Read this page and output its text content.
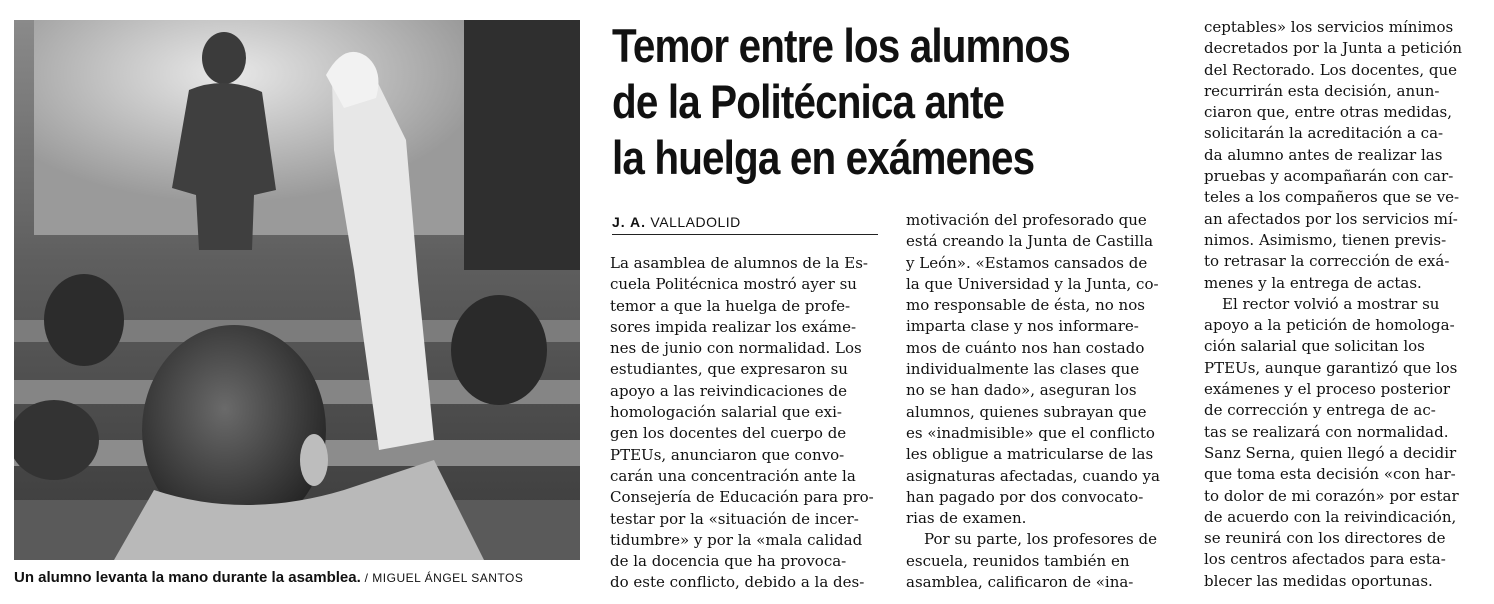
Un alumno levanta la mano durante la asamblea. / MIGUEL ÁNGEL SANTOS
Temor entre los alumnos
de la Politécnica ante
la huelga en exámenes
J. A. VALLADOLID
La asamblea de alumnos de la Es-
cuela Politécnica mostró ayer su
temor a que la huelga de profe-
sores impida realizar los exáme-
nes de junio con normalidad. Los
estudiantes, que expresaron su
apoyo a las reivindicaciones de
homologación salarial que exi-
gen los docentes del cuerpo de
PTEUs, anunciaron que convo-
carán una concentración ante la
Consejería de Educación para pro-
testar por la «situación de incer-
tidumbre» y por la «mala calidad
de la docencia que ha provoca-
do este conflicto, debido a la des-
motivación del profesorado que
está creando la Junta de Castilla
y León». «Estamos cansados de
la que Universidad y la Junta, co-
mo responsable de ésta, no nos
imparta clase y nos informare-
mos de cuánto nos han costado
individualmente las clases que
no se han dado», aseguran los
alumnos, quienes subrayan que
es «inadmisible» que el conflicto
les obligue a matricularse de las
asignaturas afectadas, cuando ya
han pagado por dos convocato-
rias de examen.
Por su parte, los profesores de
escuela, reunidos también en
asamblea, calificaron de «ina-
ceptables» los servicios mínimos
decretados por la Junta a petición
del Rectorado. Los docentes, que
recurrirán esta decisión, anun-
ciaron que, entre otras medidas,
solicitarán la acreditación a ca-
da alumno antes de realizar las
pruebas y acompañarán con car-
teles a los compañeros que se ve-
an afectados por los servicios mí-
nimos. Asimismo, tienen previs-
to retrasar la corrección de exá-
menes y la entrega de actas.
El rector volvió a mostrar su
apoyo a la petición de homologa-
ción salarial que solicitan los
PTEUs, aunque garantizó que los
exámenes y el proceso posterior
de corrección y entrega de ac-
tas se realizará con normalidad.
Sanz Serna, quien llegó a decidir
que toma esta decisión «con har-
to dolor de mi corazón» por estar
de acuerdo con la reivindicación,
se reunirá con los directores de
los centros afectados para esta-
blecer las medidas oportunas.
